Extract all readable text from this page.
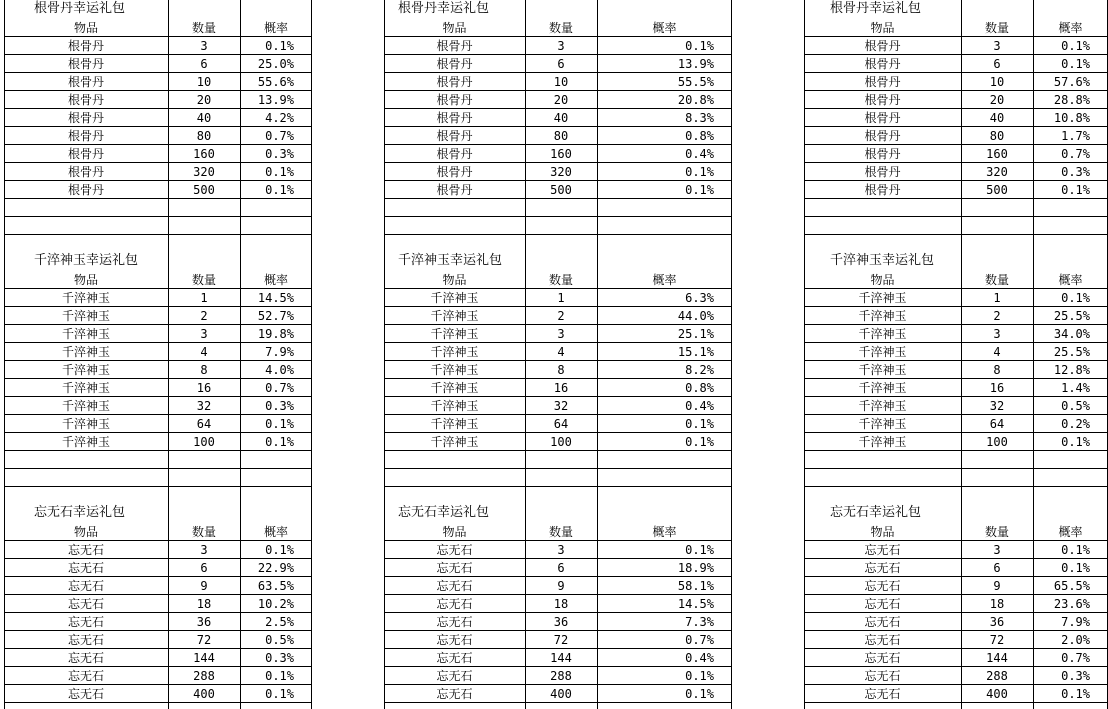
根骨丹幸运礼包
物品	数量	概率
根骨丹	3	0.1%
根骨丹	6	25.0%
根骨丹	10	55.6%
根骨丹	20	13.9%
根骨丹	40	4.2%
根骨丹	80	0.7%
根骨丹	160	0.3%
根骨丹	320	0.1%
根骨丹	500	0.1%
千淬神玉幸运礼包
物品	数量	概率
千淬神玉	1	14.5%
千淬神玉	2	52.7%
千淬神玉	3	19.8%
千淬神玉	4	7.9%
千淬神玉	8	4.0%
千淬神玉	16	0.7%
千淬神玉	32	0.3%
千淬神玉	64	0.1%
千淬神玉	100	0.1%
忘无石幸运礼包
物品	数量	概率
忘无石	3	0.1%
忘无石	6	22.9%
忘无石	9	63.5%
忘无石	18	10.2%
忘无石	36	2.5%
忘无石	72	0.5%
忘无石	144	0.3%
忘无石	288	0.1%
忘无石	400	0.1%
根骨丹幸运礼包
物品	数量	概率
根骨丹	3	0.1%
根骨丹	6	13.9%
根骨丹	10	55.5%
根骨丹	20	20.8%
根骨丹	40	8.3%
根骨丹	80	0.8%
根骨丹	160	0.4%
根骨丹	320	0.1%
根骨丹	500	0.1%
千淬神玉幸运礼包
物品	数量	概率
千淬神玉	1	6.3%
千淬神玉	2	44.0%
千淬神玉	3	25.1%
千淬神玉	4	15.1%
千淬神玉	8	8.2%
千淬神玉	16	0.8%
千淬神玉	32	0.4%
千淬神玉	64	0.1%
千淬神玉	100	0.1%
忘无石幸运礼包
物品	数量	概率
忘无石	3	0.1%
忘无石	6	18.9%
忘无石	9	58.1%
忘无石	18	14.5%
忘无石	36	7.3%
忘无石	72	0.7%
忘无石	144	0.4%
忘无石	288	0.1%
忘无石	400	0.1%
根骨丹幸运礼包
物品	数量	概率
根骨丹	3	0.1%
根骨丹	6	0.1%
根骨丹	10	57.6%
根骨丹	20	28.8%
根骨丹	40	10.8%
根骨丹	80	1.7%
根骨丹	160	0.7%
根骨丹	320	0.3%
根骨丹	500	0.1%
千淬神玉幸运礼包
物品	数量	概率
千淬神玉	1	0.1%
千淬神玉	2	25.5%
千淬神玉	3	34.0%
千淬神玉	4	25.5%
千淬神玉	8	12.8%
千淬神玉	16	1.4%
千淬神玉	32	0.5%
千淬神玉	64	0.2%
千淬神玉	100	0.1%
忘无石幸运礼包
物品	数量	概率
忘无石	3	0.1%
忘无石	6	0.1%
忘无石	9	65.5%
忘无石	18	23.6%
忘无石	36	7.9%
忘无石	72	2.0%
忘无石	144	0.7%
忘无石	288	0.3%
忘无石	400	0.1%
